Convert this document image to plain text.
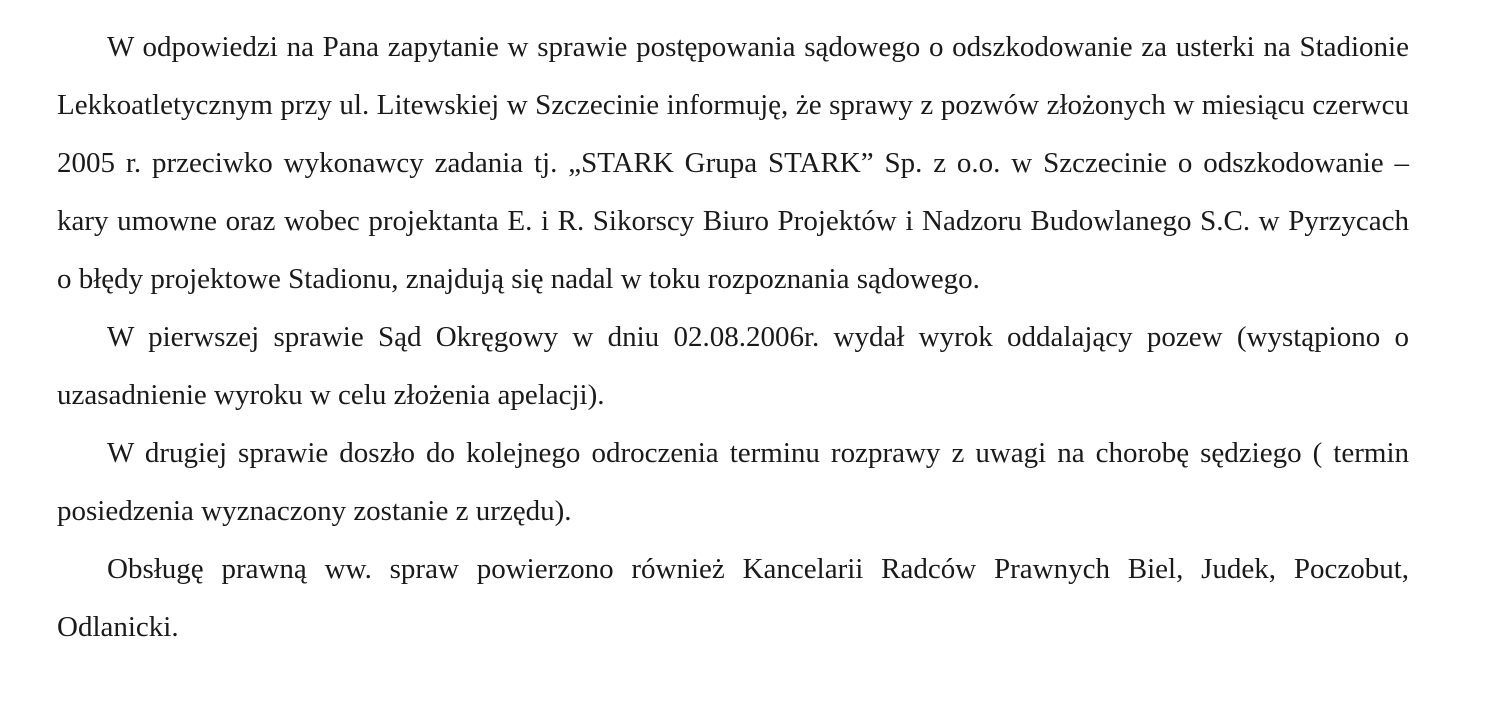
W odpowiedzi na Pana zapytanie w sprawie postępowania sądowego o odszkodowanie za usterki na Stadionie Lekkoatletycznym przy ul. Litewskiej w Szczecinie informuję, że sprawy z pozwów złożonych w miesiącu czerwcu 2005 r. przeciwko wykonawcy zadania tj. „STARK Grupa STARK” Sp. z o.o. w Szczecinie o odszkodowanie – kary umowne oraz wobec projektanta E. i R. Sikorscy Biuro Projektów i Nadzoru Budowlanego S.C. w Pyrzycach o błędy projektowe Stadionu, znajdują się nadal w toku rozpoznania sądowego.

W pierwszej sprawie Sąd Okręgowy w dniu 02.08.2006r. wydał wyrok oddalający pozew (wystąpiono o uzasadnienie wyroku w celu złożenia apelacji).

W drugiej sprawie doszło do kolejnego odroczenia terminu rozprawy z uwagi na chorobę sędziego ( termin posiedzenia wyznaczony zostanie z urzędu).

Obsługę prawną ww. spraw powierzono również Kancelarii Radców Prawnych Biel, Judek, Poczobut, Odlanicki.
